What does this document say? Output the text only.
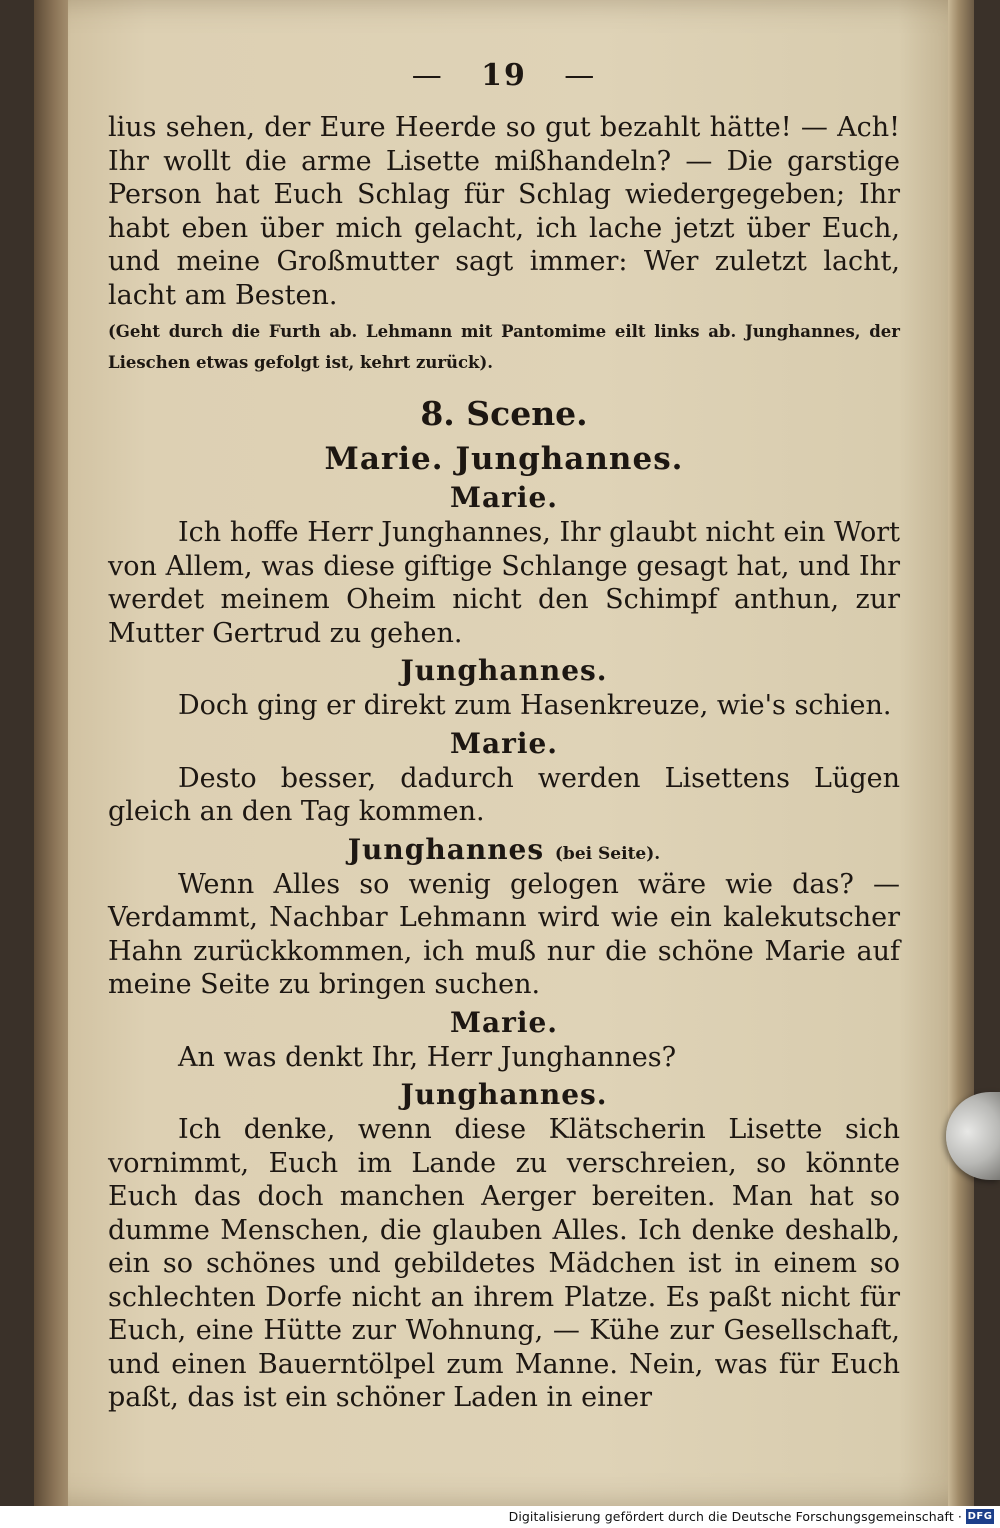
— 19 —

lius sehen, der Eure Heerde so gut bezahlt hätte! — Ach! Ihr wollt die arme Lisette mißhandeln? — Die garstige Person hat Euch Schlag für Schlag wiedergegeben; Ihr habt eben über mich gelacht, ich lache jetzt über Euch, und meine Großmutter sagt immer: Wer zuletzt lacht, lacht am Besten.

(Geht durch die Furth ab. Lehmann mit Pantomime eilt links ab. Junghannes, der Lieschen etwas gefolgt ist, kehrt zurück).

8. Scene.
Marie. Junghannes.
Marie.

Ich hoffe Herr Junghannes, Ihr glaubt nicht ein Wort von Allem, was diese giftige Schlange gesagt hat, und Ihr werdet meinem Oheim nicht den Schimpf anthun, zur Mutter Gertrud zu gehen.

Junghannes.

Doch ging er direkt zum Hasenkreuze, wie's schien.

Marie.

Desto besser, dadurch werden Lisettens Lügen gleich an den Tag kommen.

Junghannes (bei Seite).

Wenn Alles so wenig gelogen wäre wie das? — Verdammt, Nachbar Lehmann wird wie ein kalekutscher Hahn zurückkommen, ich muß nur die schöne Marie auf meine Seite zu bringen suchen.

Marie.

An was denkt Ihr, Herr Junghannes?

Junghannes.

Ich denke, wenn diese Klätscherin Lisette sich vornimmt, Euch im Lande zu verschreien, so könnte Euch das doch manchen Aerger bereiten. Man hat so dumme Menschen, die glauben Alles. Ich denke deshalb, ein so schönes und gebildetes Mädchen ist in einem so schlechten Dorfe nicht an ihrem Platze. Es paßt nicht für Euch, eine Hütte zur Wohnung, — Kühe zur Gesellschaft, und einen Bauerntölpel zum Manne. Nein, was für Euch paßt, das ist ein schöner Laden in einer

Digitalisierung gefördert durch die Deutsche Forschungsgemeinschaft · DFG
